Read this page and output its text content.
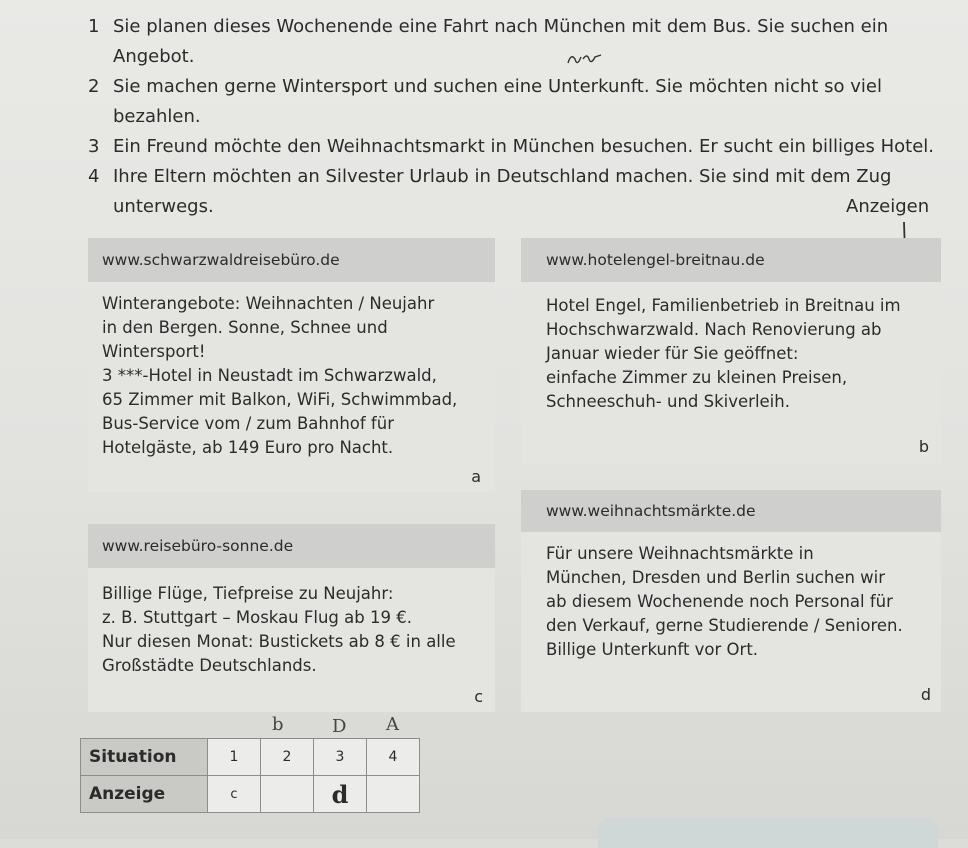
1 Sie planen dieses Wochenende eine Fahrt nach München mit dem Bus. Sie suchen ein
Angebot.
2 Sie machen gerne Wintersport und suchen eine Unterkunft. Sie möchten nicht so viel
bezahlen.
3 Ein Freund möchte den Weihnachtsmarkt in München besuchen. Er sucht ein billiges Hotel.
4 Ihre Eltern möchten an Silvester Urlaub in Deutschland machen. Sie sind mit dem Zug
unterwegs.	Anzeigen
www.schwarzwaldreisebüro.de

Winterangebote: Weihnachten / Neujahr

in den Bergen. Sonne, Schnee und

Wintersport!

3 ***-Hotel in Neustadt im Schwarzwald,

65 Zimmer mit Balkon, WiFi, Schwimmbad,

Bus-Service vom / zum Bahnhof für

Hotelgäste, ab 149 Euro pro Nacht.

a
www.hotelengel-breitnau.de

Hotel Engel, Familienbetrieb in Breitnau im

Hochschwarzwald. Nach Renovierung ab

Januar wieder für Sie geöffnet:

einfache Zimmer zu kleinen Preisen,

Schneeschuh- und Skiverleih.

b
www.reisebüro-sonne.de

Billige Flüge, Tiefpreise zu Neujahr:

z. B. Stuttgart – Moskau Flug ab 19 €.

Nur diesen Monat: Bustickets ab 8 € in alle

Großstädte Deutschlands.

c
www.weihnachtsmärkte.de

Für unsere Weihnachtsmärkte in

München, Dresden und Berlin suchen wir

ab diesem Wochenende noch Personal für

den Verkauf, gerne Studierende / Senioren.

Billige Unterkunft vor Ort.

d
b	D A
Situation	1	2	3	4
Anzeige	c		d	
